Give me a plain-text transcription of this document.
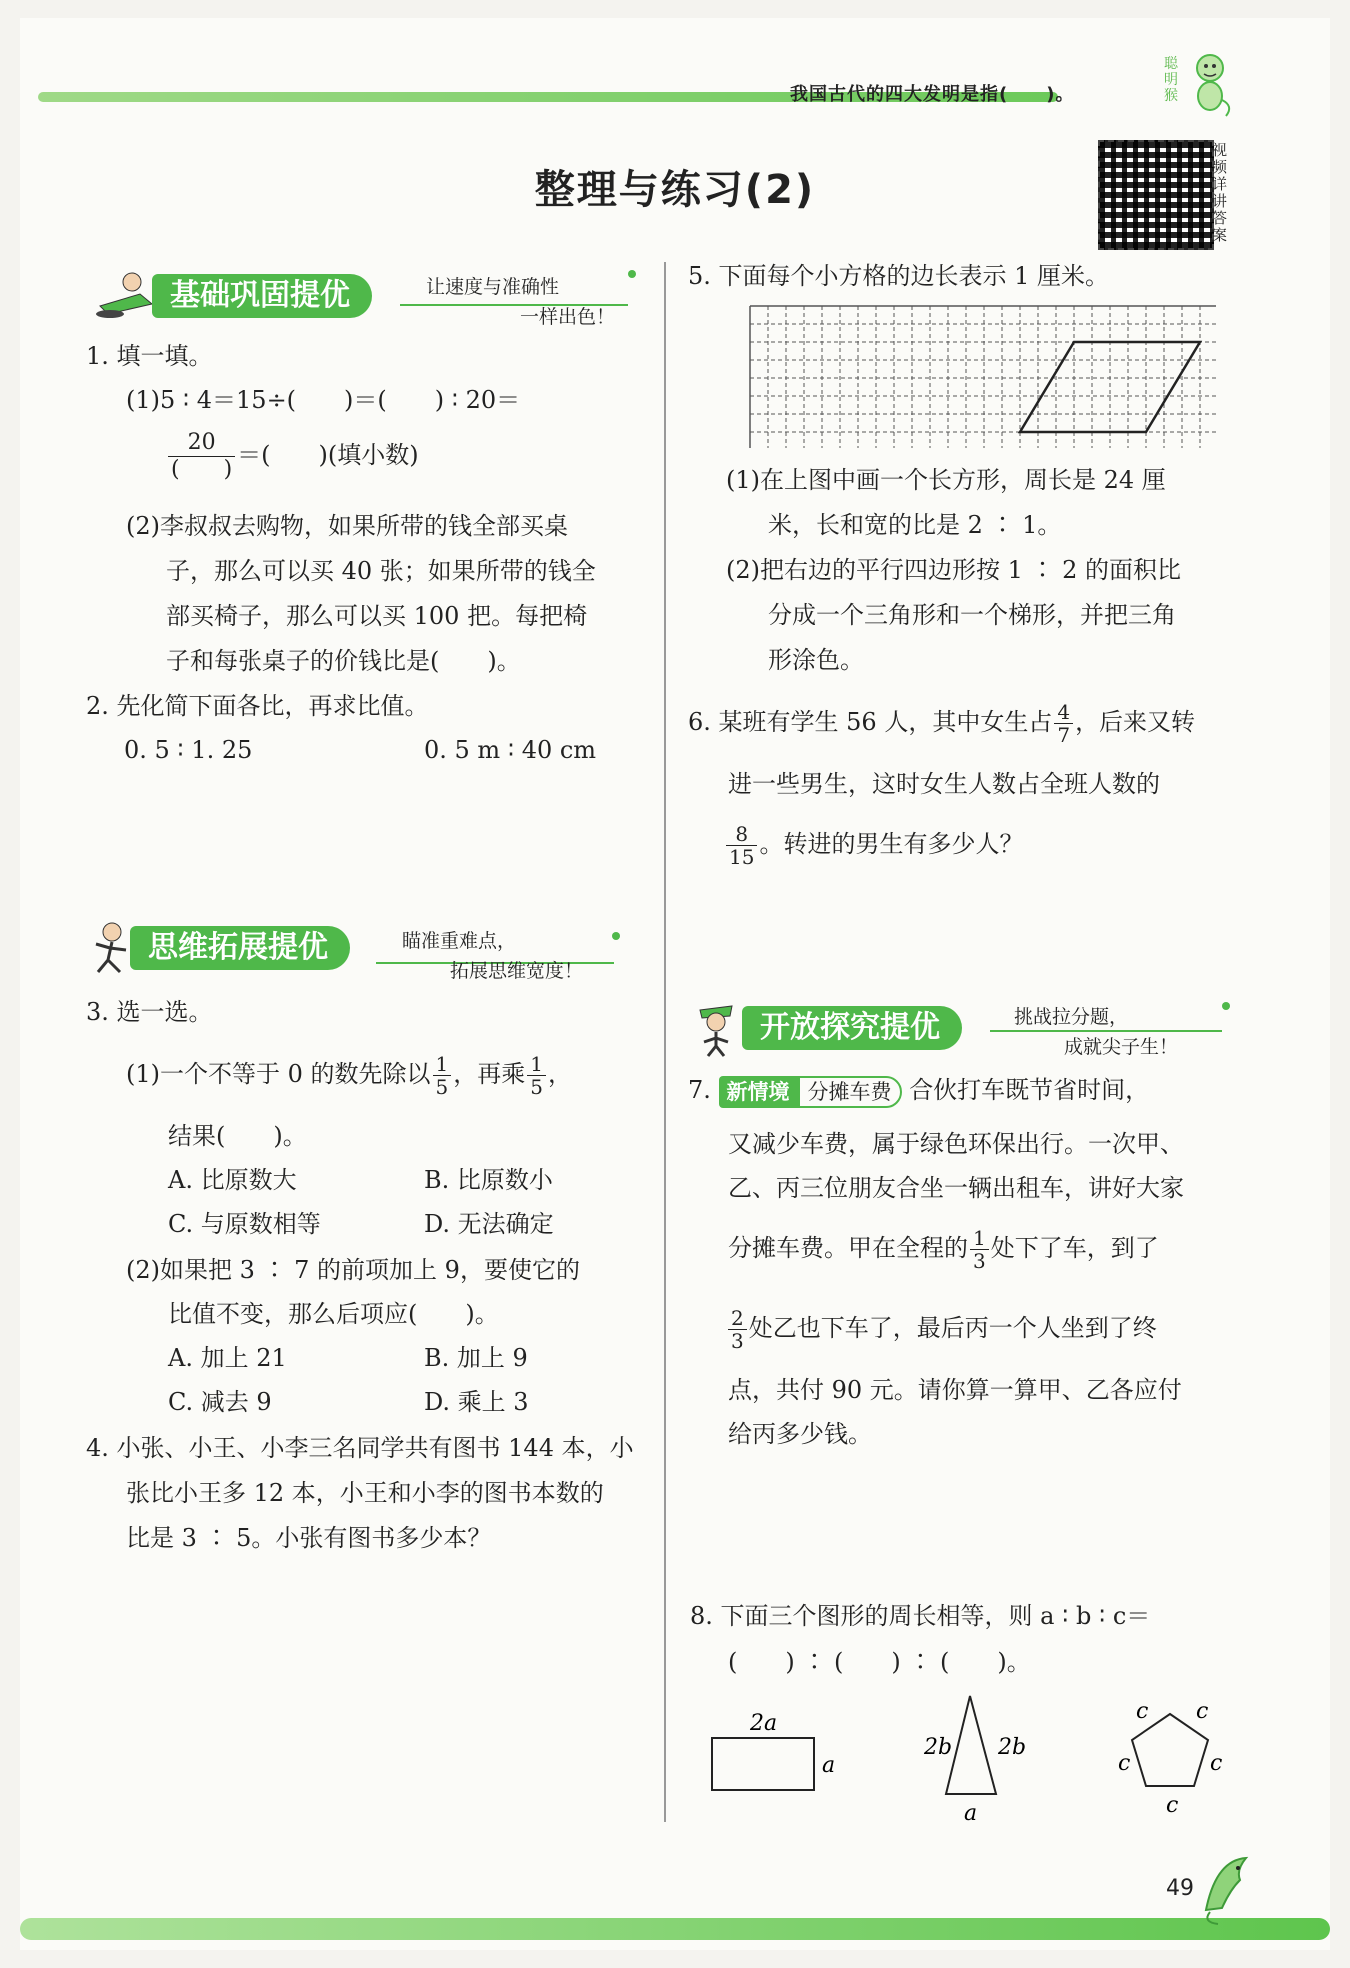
我国古代的四大发明是指(　　)。
聪明猴
整理与练习(2)
视频详讲答案
基础巩固提优	让速度与准确性
一样出色！
1. 填一填。
(1)5 ∶ 4＝15÷(　　)＝(　　) ∶ 20＝
$\frac{20}{( )}$ ＝(　　)(填小数)
(2)李叔叔去购物，如果所带的钱全部买桌
子，那么可以买 40 张；如果所带的钱全
部买椅子，那么可以买 100 把。每把椅
子和每张桌子的价钱比是(　　)。
2. 先化简下面各比，再求比值。
0. 5 ∶ 1. 25	0. 5 m ∶ 40 cm
思维拓展提优	瞄准重难点，
拓展思维宽度！
3. 选一选。
(1)一个不等于 0 的数先除以 $\frac{1}{5}$ ，再乘 $\frac{1}{5}$ ，
结果(　　)。
A. 比原数大	B. 比原数小
C. 与原数相等	D. 无法确定
(2)如果把 3 ∶ 7 的前项加上 9，要使它的
比值不变，那么后项应(　　)。
A. 加上 21	B. 加上 9
C. 减去 9	D. 乘上 3
4. 小张、小王、小李三名同学共有图书 144 本，小
张比小王多 12 本，小王和小李的图书本数的
比是 3 ∶ 5。小张有图书多少本？
5. 下面每个小方格的边长表示 1 厘米。
(1)在上图中画一个长方形，周长是 24 厘
米，长和宽的比是 2 ∶ 1。
(2)把右边的平行四边形按 1 ∶ 2 的面积比
分成一个三角形和一个梯形，并把三角
形涂色。
6. 某班有学生 56 人，其中女生占 $\frac{4}{7}$ ，后来又转
进一些男生，这时女生人数占全班人数的
$\frac{8}{15}$ 。转进的男生有多少人？
开放探究提优	挑战拉分题，
成就尖子生！
7. 新情境 分摊车费 合伙打车既节省时间，
又减少车费，属于绿色环保出行。一次甲、
乙、丙三位朋友合坐一辆出租车，讲好大家
分摊车费。甲在全程的 $\frac{1}{3}$ 处下了车，到了
$\frac{2}{3}$ 处乙也下车了，最后丙一个人坐到了终
点，共付 90 元。请你算一算甲、乙各应付
给丙多少钱。
8. 下面三个图形的周长相等，则 a ∶ b ∶ c＝
(　　) ∶ (　　) ∶ (　　)。
2a
a
2b 2b
a
c c
c	c
c
49
